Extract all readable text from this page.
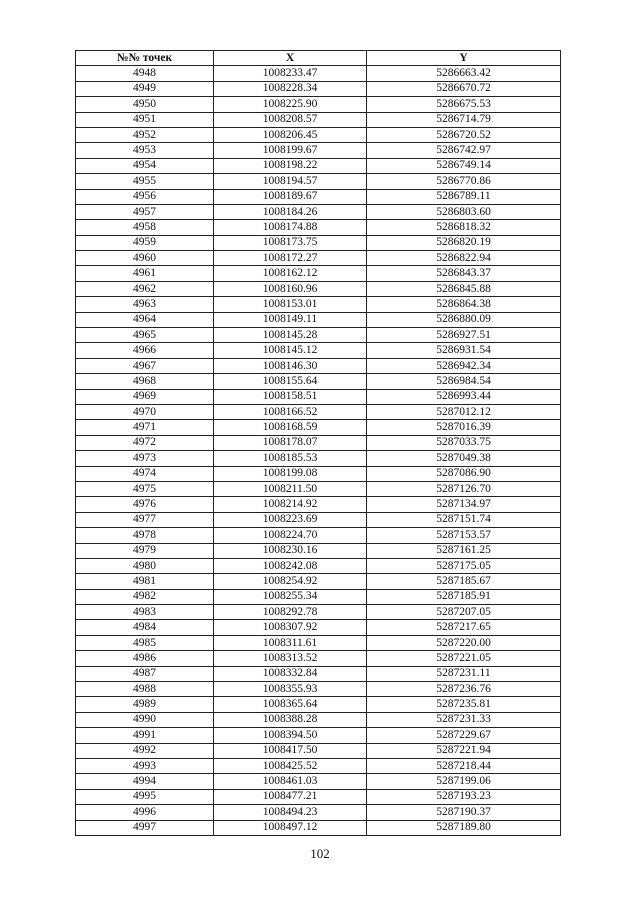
№№ точек	X	Y
4948	1008233.47	5286663.42
4949	1008228.34	5286670.72
4950	1008225.90	5286675.53
4951	1008208.57	5286714.79
4952	1008206.45	5286720.52
4953	1008199.67	5286742.97
4954	1008198.22	5286749.14
4955	1008194.57	5286770.86
4956	1008189.67	5286789.11
4957	1008184.26	5286803.60
4958	1008174.88	5286818.32
4959	1008173.75	5286820.19
4960	1008172.27	5286822.94
4961	1008162.12	5286843.37
4962	1008160.96	5286845.88
4963	1008153.01	5286864.38
4964	1008149.11	5286880.09
4965	1008145.28	5286927.51
4966	1008145.12	5286931.54
4967	1008146.30	5286942.34
4968	1008155.64	5286984.54
4969	1008158.51	5286993.44
4970	1008166.52	5287012.12
4971	1008168.59	5287016.39
4972	1008178.07	5287033.75
4973	1008185.53	5287049.38
4974	1008199.08	5287086.90
4975	1008211.50	5287126.70
4976	1008214.92	5287134.97
4977	1008223.69	5287151.74
4978	1008224.70	5287153.57
4979	1008230.16	5287161.25
4980	1008242.08	5287175.05
4981	1008254.92	5287185.67
4982	1008255.34	5287185.91
4983	1008292.78	5287207.05
4984	1008307.92	5287217.65
4985	1008311.61	5287220.00
4986	1008313.52	5287221.05
4987	1008332.84	5287231.11
4988	1008355.93	5287236.76
4989	1008365.64	5287235.81
4990	1008388.28	5287231.33
4991	1008394.50	5287229.67
4992	1008417.50	5287221.94
4993	1008425.52	5287218.44
4994	1008461.03	5287199.06
4995	1008477.21	5287193.23
4996	1008494.23	5287190.37
4997	1008497.12	5287189.80
102
